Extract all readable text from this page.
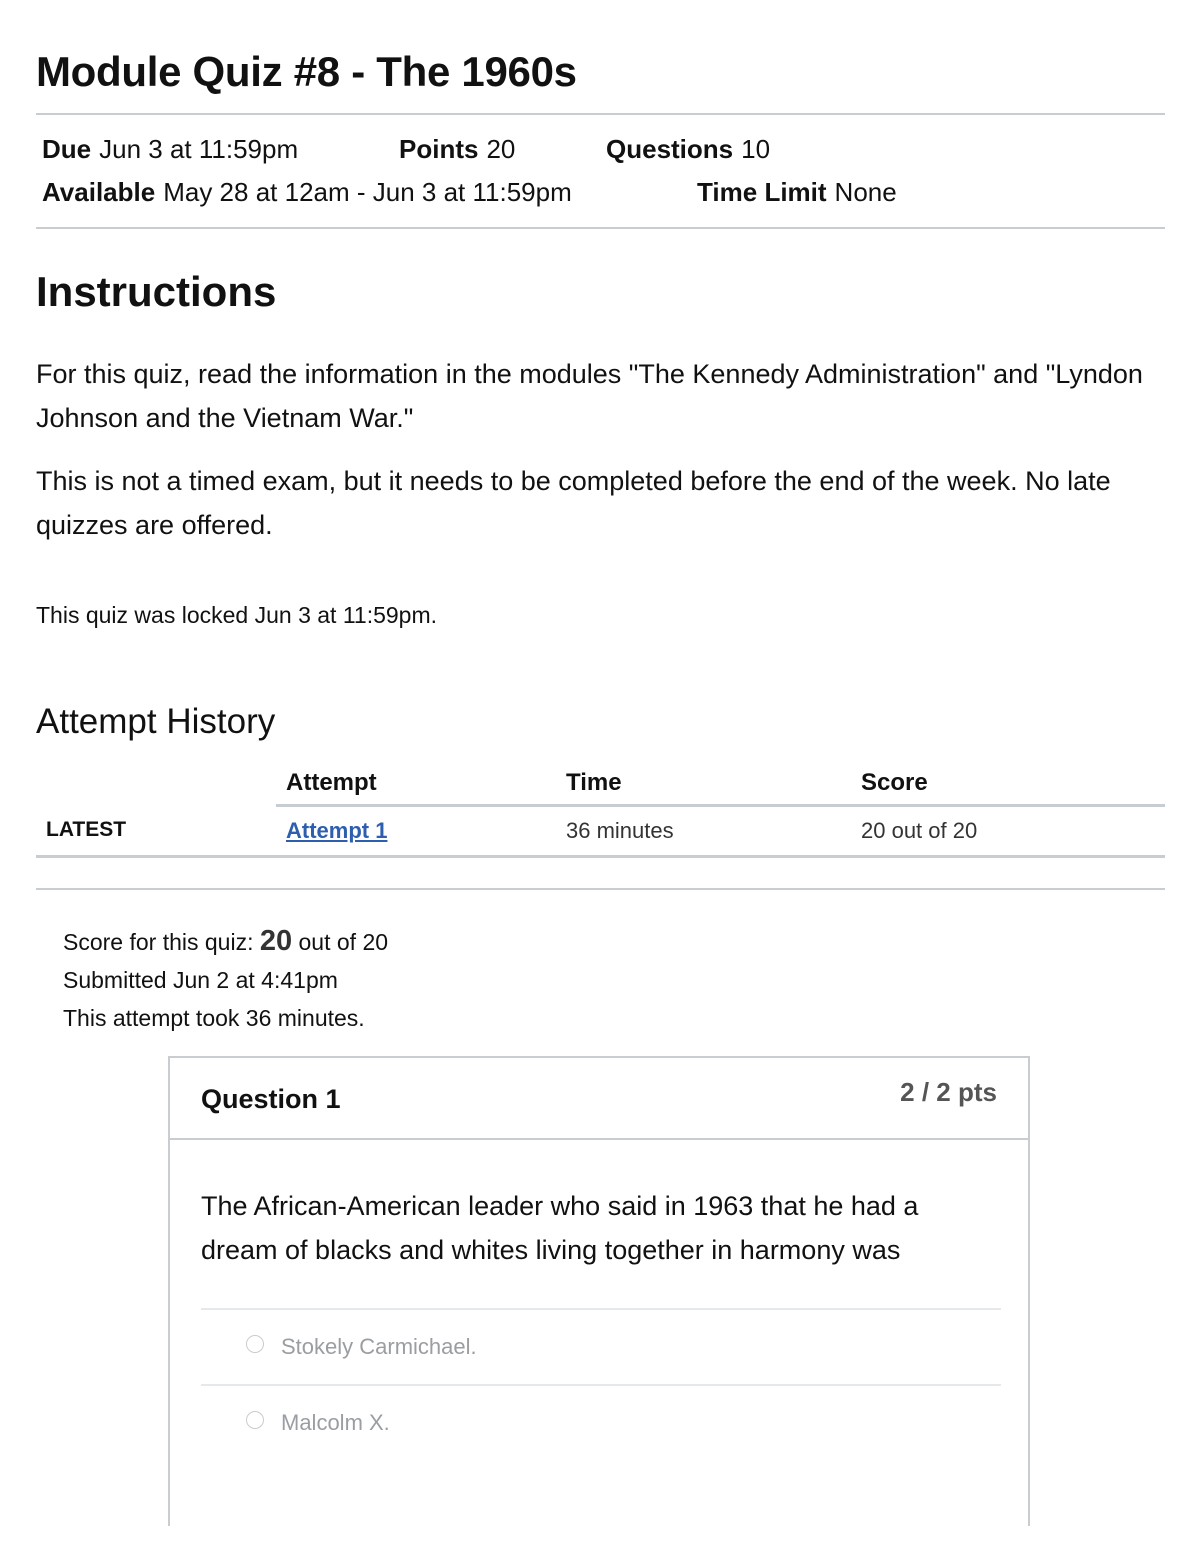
Module Quiz #8 - The 1960s
Due Jun 3 at 11:59pm	Points 20	Questions 10
Available May 28 at 12am - Jun 3 at 11:59pm	Time Limit None
Instructions

For this quiz, read the information in the modules "The Kennedy Administration" and "Lyndon Johnson and the Vietnam War."

This is not a timed exam, but it needs to be completed before the end of the week. No late quizzes are offered.

This quiz was locked Jun 3 at 11:59pm.
Attempt History
	Attempt	Time	Score
LATEST	Attempt 1	36 minutes	20 out of 20
Score for this quiz: 20 out of 20
Submitted Jun 2 at 4:41pm
This attempt took 36 minutes.
Question 1	2 / 2 pts

The African-American leader who said in 1963 that he had a dream of blacks and whites living together in harmony was

Stokely Carmichael.
Malcolm X.
